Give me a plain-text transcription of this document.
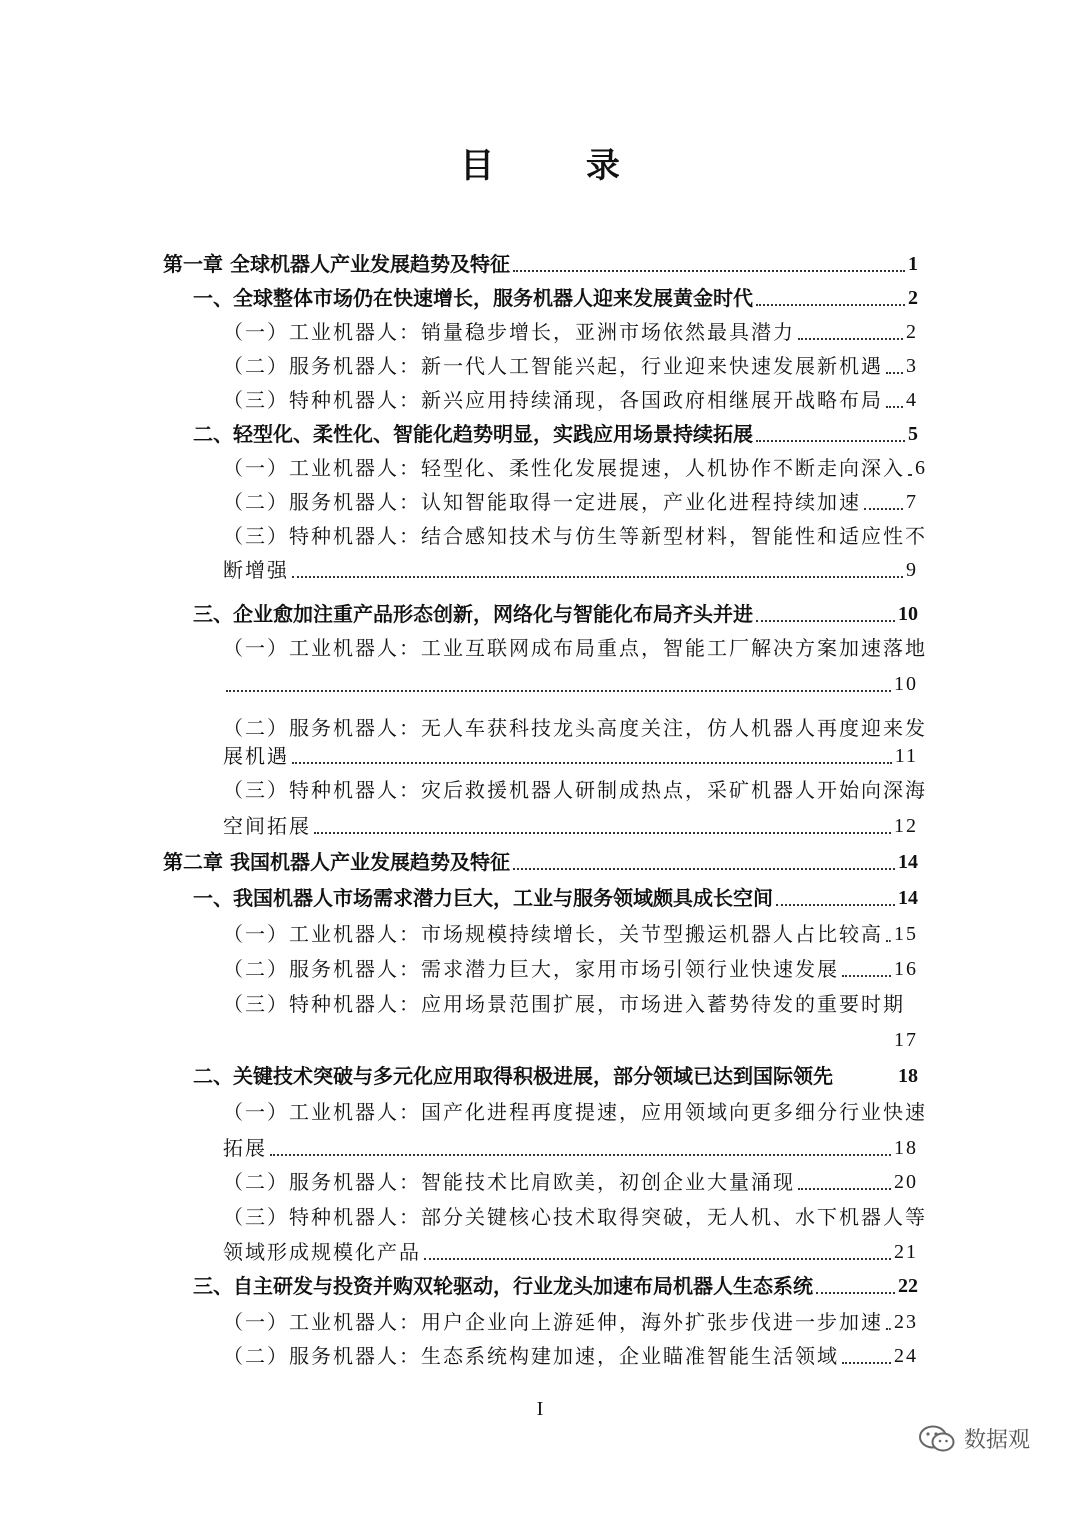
目 录
第一章 全球机器人产业发展趋势及特征	1
一、全球整体市场仍在快速增长，服务机器人迎来发展黄金时代	2
（一）工业机器人：销量稳步增长，亚洲市场依然最具潜力	2
（二）服务机器人：新一代人工智能兴起，行业迎来快速发展新机遇 3
（三）特种机器人：新兴应用持续涌现，各国政府相继展开战略布局 4
二、轻型化、柔性化、智能化趋势明显，实践应用场景持续拓展	5
（一）工业机器人：轻型化、柔性化发展提速，人机协作不断走向深入 6
（二）服务机器人：认知智能取得一定进展，产业化进程持续加速 7
（三）特种机器人：结合感知技术与仿生等新型材料，智能性和适应性不
断增强	9
三、企业愈加注重产品形态创新，网络化与智能化布局齐头并进	10
（一）工业机器人：工业互联网成布局重点，智能工厂解决方案加速落地
10
（二）服务机器人：无人车获科技龙头高度关注，仿人机器人再度迎来发
展机遇	11
（三）特种机器人：灾后救援机器人研制成热点，采矿机器人开始向深海
空间拓展	12
第二章 我国机器人产业发展趋势及特征	14
一、我国机器人市场需求潜力巨大，工业与服务领域颇具成长空间	14
（一）工业机器人：市场规模持续增长，关节型搬运机器人占比较高 15
（二）服务机器人：需求潜力巨大，家用市场引领行业快速发展	16
（三）特种机器人：应用场景范围扩展，市场进入蓄势待发的重要时期
17
二、关键技术突破与多元化应用取得积极进展，部分领域已达到国际领先	18
（一）工业机器人：国产化进程再度提速，应用领域向更多细分行业快速
拓展	18
（二）服务机器人：智能技术比肩欧美，初创企业大量涌现	20
（三）特种机器人：部分关键核心技术取得突破，无人机、水下机器人等
领域形成规模化产品	21
三、自主研发与投资并购双轮驱动，行业龙头加速布局机器人生态系统	22
（一）工业机器人：用户企业向上游延伸，海外扩张步伐进一步加速 23
（二）服务机器人：生态系统构建加速，企业瞄准智能生活领域	24
I
数据观
